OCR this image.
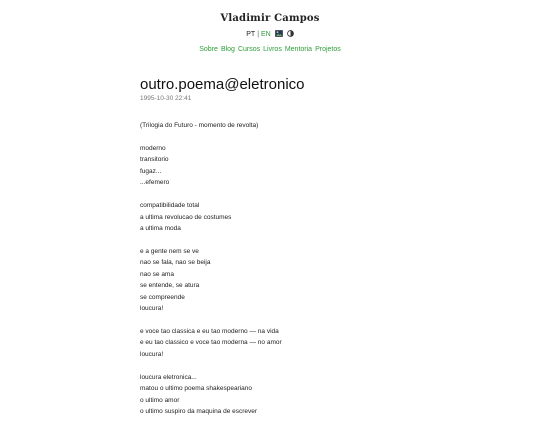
Vladimir Campos
PT | EN
Sobre Blog Cursos Livros Mentoria Projetos
outro.poema@eletronico
1995-10-30 22:41
(Trilogia do Futuro - momento de revolta)
moderno
transitorio
fugaz...
...efemero
compatibilidade total
a ultima revolucao de costumes
a ultima moda
e a gente nem se ve
nao se fala, nao se beija
nao se ama
se entende, se atura
se compreende
loucura!
e voce tao classica e eu tao moderno — na vida
e eu tao classico e voce tao moderna — no amor
loucura!
loucura eletronica...
matou o ultimo poema shakespeariano
o ultimo amor
o ultimo suspiro da maquina de escrever
